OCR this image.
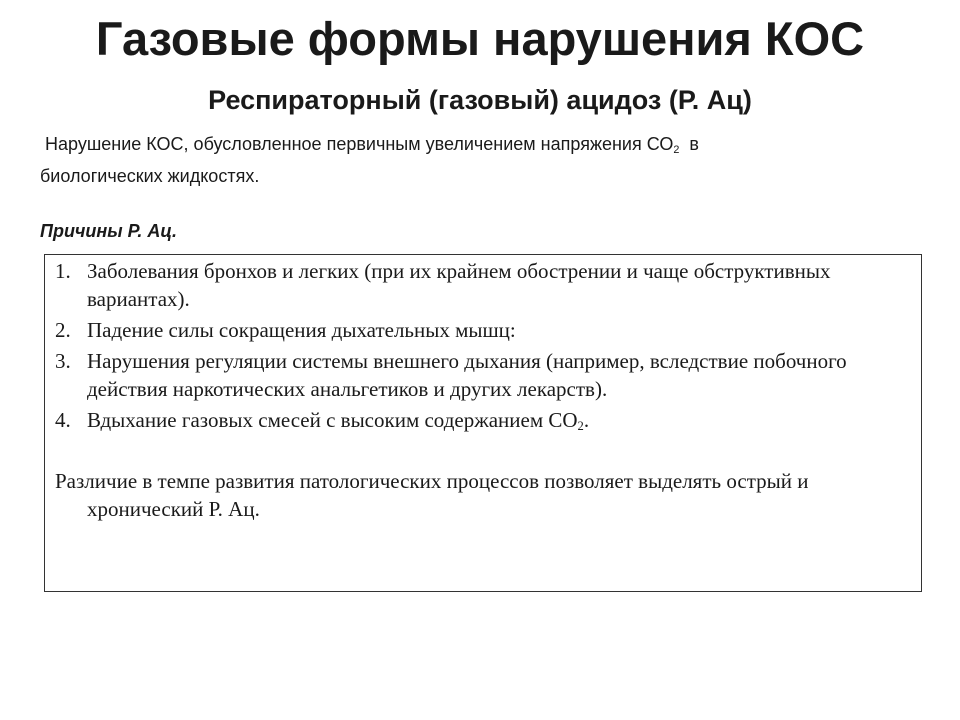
Газовые формы нарушения КОС
Респираторный (газовый) ацидоз (Р. Ац)
Нарушение КОС, обусловленное первичным увеличением напряжения $СО_2$  в
биологических жидкостях.
Причины Р. Ац.
1. Заболевания бронхов и легких (при их крайнем обострении и чаще обструктивных вариантах).
2. Падение силы сокращения дыхательных мышц:
3. Нарушения регуляции системы внешнего дыхания (например, вследствие побочного действия наркотических анальгетиков и других лекарств).
4. Вдыхание газовых смесей с высоким содержанием $СО_2$.
Различие в темпе развития патологических процессов позволяет выделять острый и хронический Р. Ац.
